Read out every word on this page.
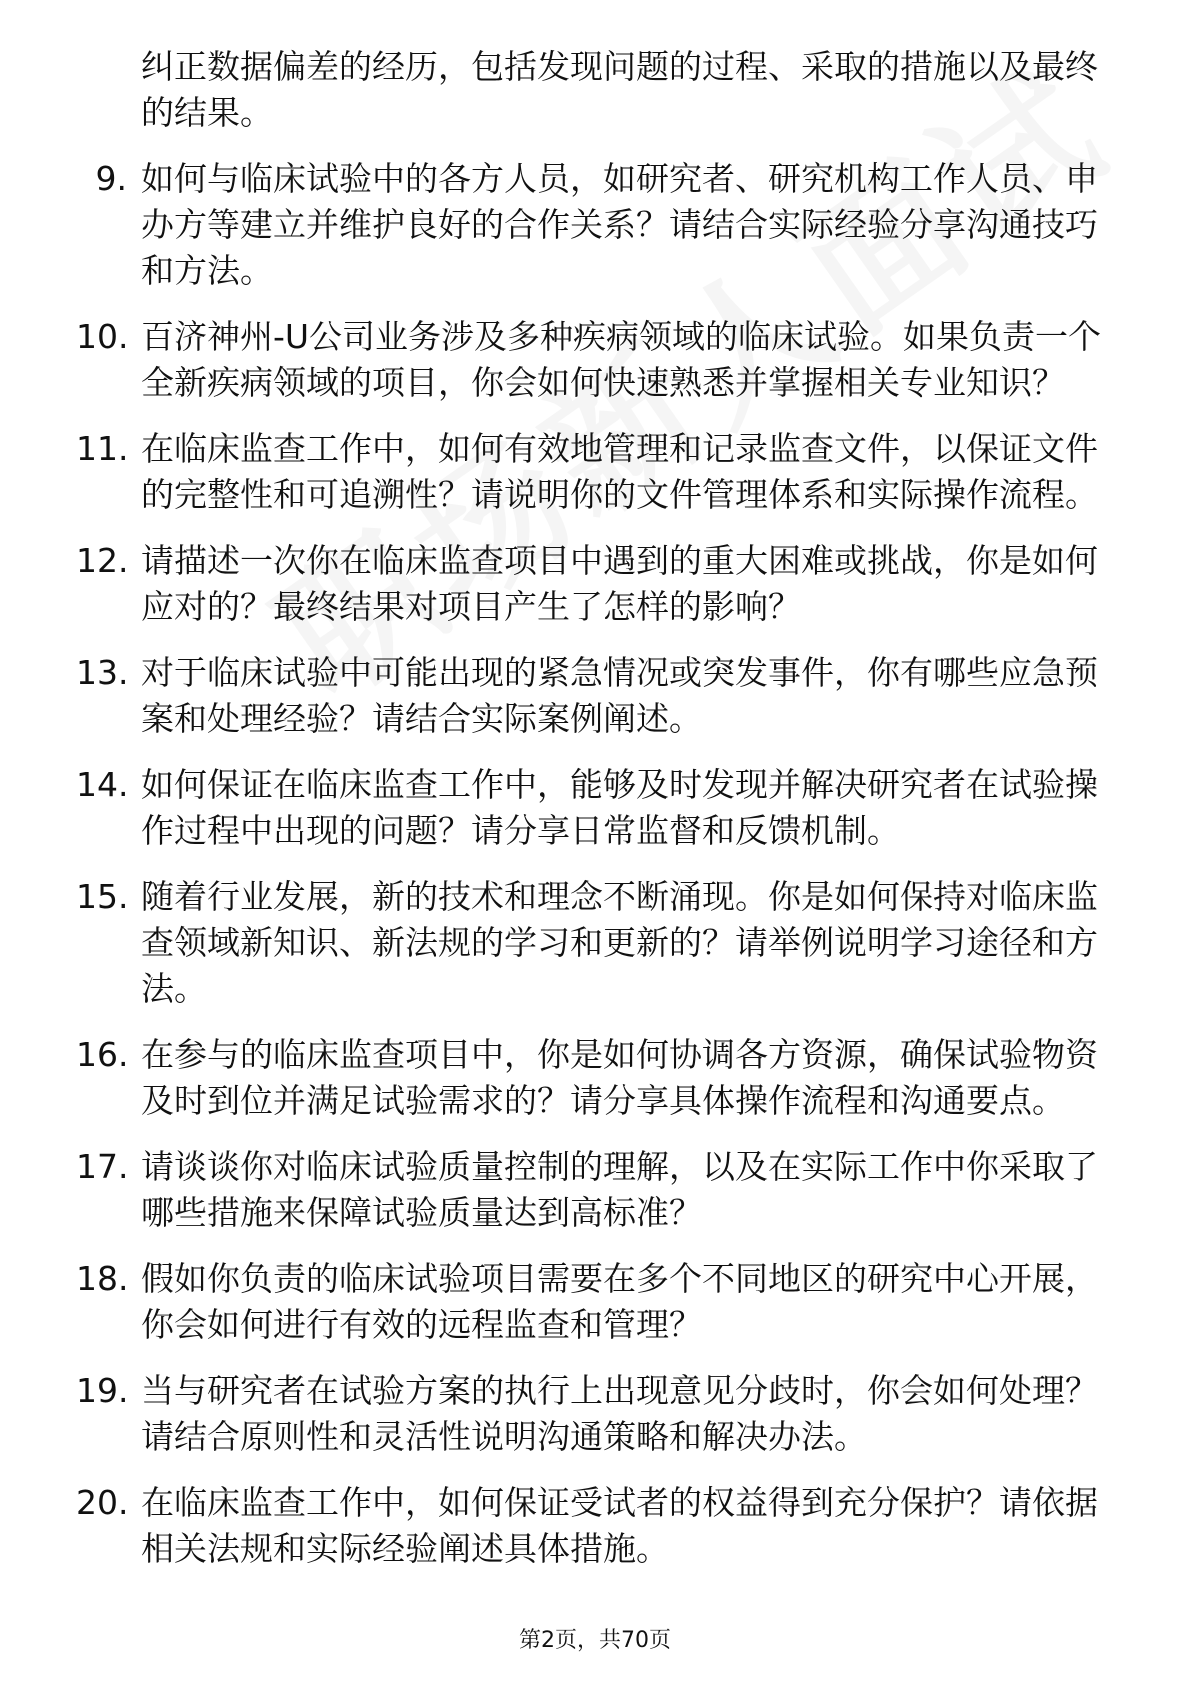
纠正数据偏差的经历，包括发现问题的过程、采取的措施以及最终的结果。
9. 如何与临床试验中的各方人员，如研究者、研究机构工作人员、申办方等建立并维护良好的合作关系？请结合实际经验分享沟通技巧和方法。
10. 百济神州-U公司业务涉及多种疾病领域的临床试验。如果负责一个全新疾病领域的项目，你会如何快速熟悉并掌握相关专业知识？
11. 在临床监查工作中，如何有效地管理和记录监查文件，以保证文件的完整性和可追溯性？请说明你的文件管理体系和实际操作流程。
12. 请描述一次你在临床监查项目中遇到的重大困难或挑战，你是如何应对的？最终结果对项目产生了怎样的影响？
13. 对于临床试验中可能出现的紧急情况或突发事件，你有哪些应急预案和处理经验？请结合实际案例阐述。
14. 如何保证在临床监查工作中，能够及时发现并解决研究者在试验操作过程中出现的问题？请分享日常监督和反馈机制。
15. 随着行业发展，新的技术和理念不断涌现。你是如何保持对临床监查领域新知识、新法规的学习和更新的？请举例说明学习途径和方法。
16. 在参与的临床监查项目中，你是如何协调各方资源，确保试验物资及时到位并满足试验需求的？请分享具体操作流程和沟通要点。
17. 请谈谈你对临床试验质量控制的理解，以及在实际工作中你采取了哪些措施来保障试验质量达到高标准？
18. 假如你负责的临床试验项目需要在多个不同地区的研究中心开展，你会如何进行有效的远程监查和管理？
19. 当与研究者在试验方案的执行上出现意见分歧时，你会如何处理？请结合原则性和灵活性说明沟通策略和解决办法。
20. 在临床监查工作中，如何保证受试者的权益得到充分保护？请依据相关法规和实际经验阐述具体措施。
第2页，共70页
